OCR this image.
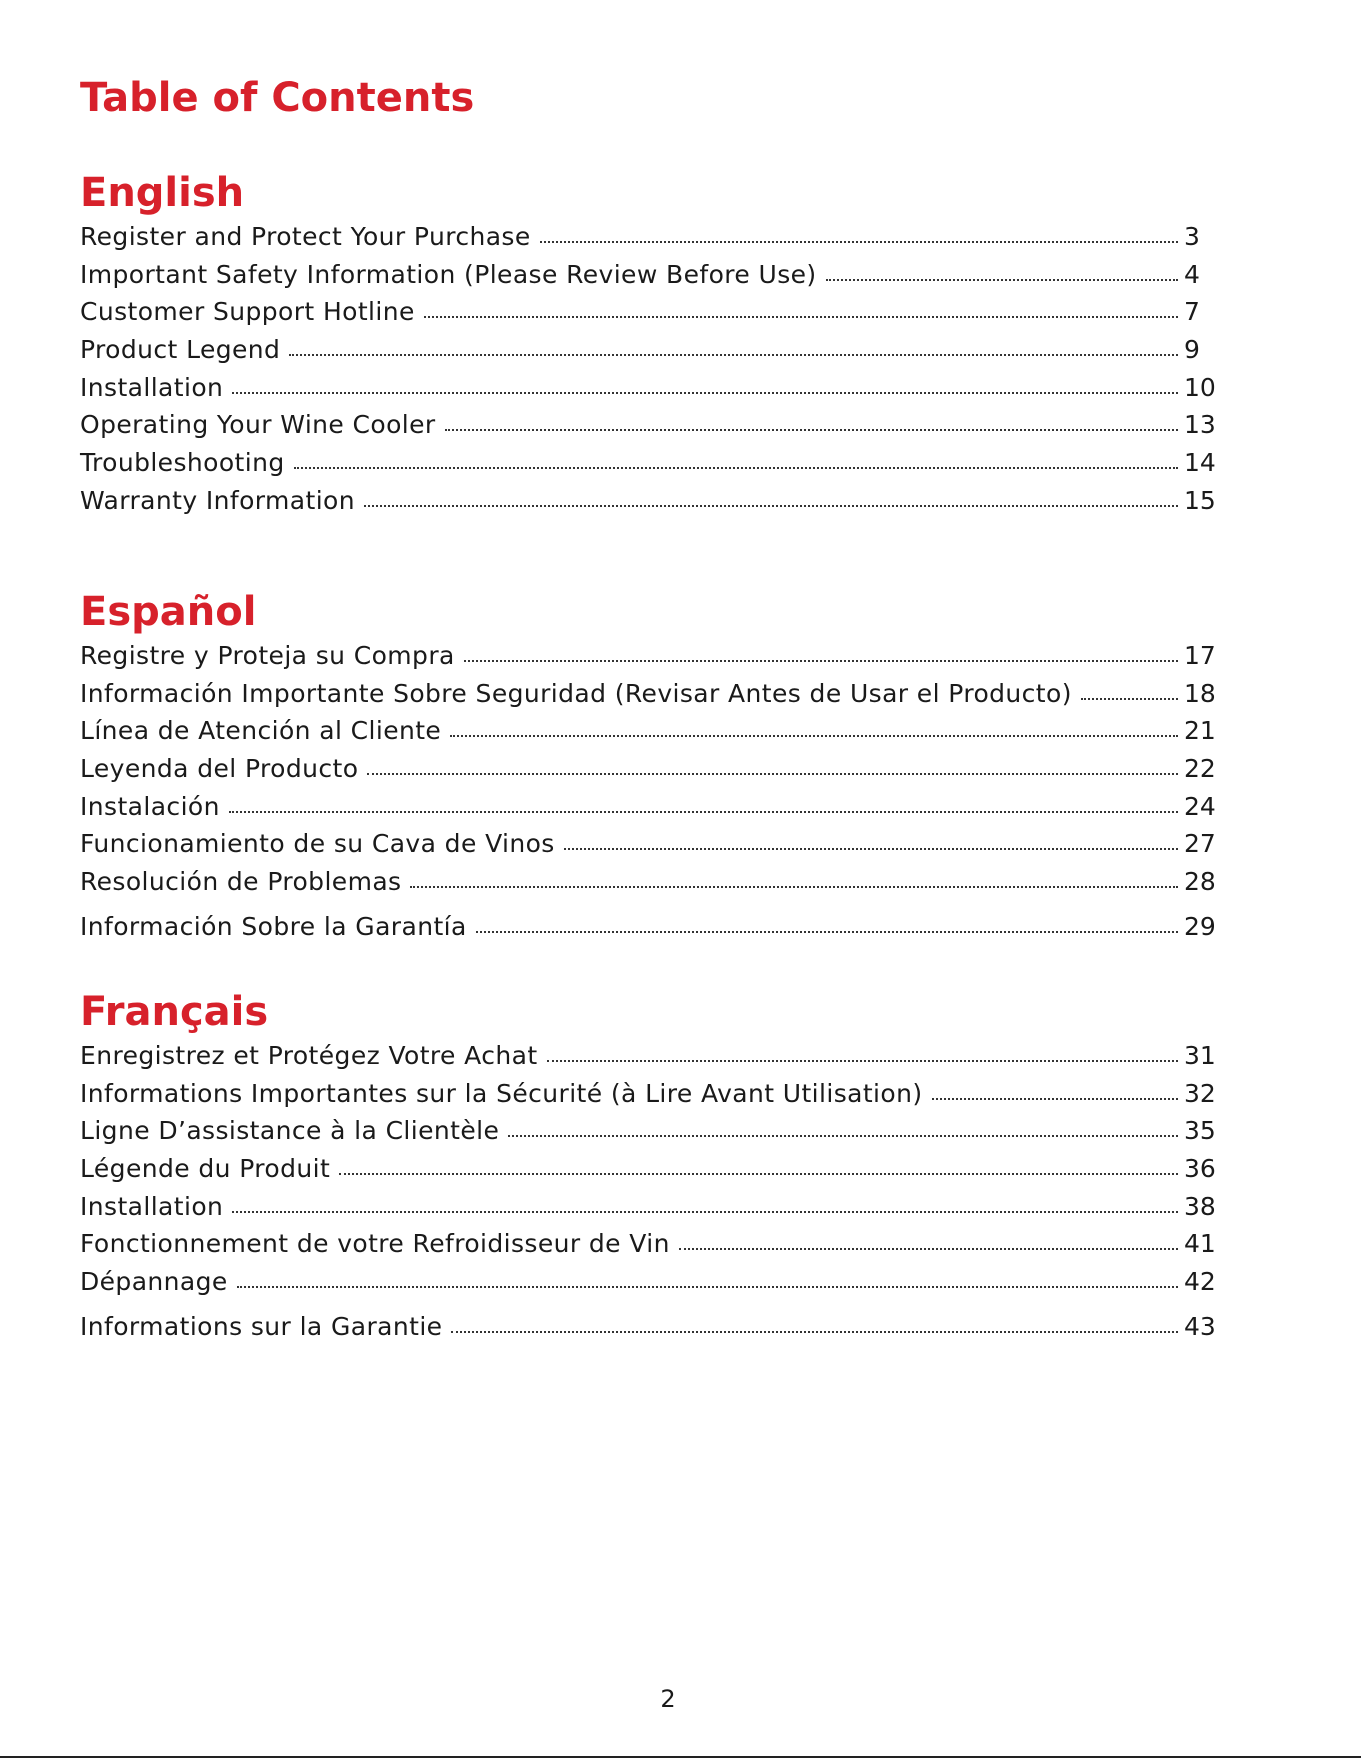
Table of Contents
English
Register and Protect Your Purchase	3
Important Safety Information (Please Review Before Use)	4
Customer Support Hotline	7
Product Legend	9
Installation	10
Operating Your Wine Cooler	13
Troubleshooting	14
Warranty Information	15
Español
Registre y Proteja su Compra	17
Información Importante Sobre Seguridad (Revisar Antes de Usar el Producto)	18
Línea de Atención al Cliente	21
Leyenda del Producto	22
Instalación	24
Funcionamiento de su Cava de Vinos	27
Resolución de Problemas	28
Información Sobre la Garantía	29
Français
Enregistrez et Protégez Votre Achat	31
Informations Importantes sur la Sécurité (à Lire Avant Utilisation)	32
Ligne D’assistance à la Clientèle	35
Légende du Produit	36
Installation	38
Fonctionnement de votre Refroidisseur de Vin	41
Dépannage	42
Informations sur la Garantie	43
2
